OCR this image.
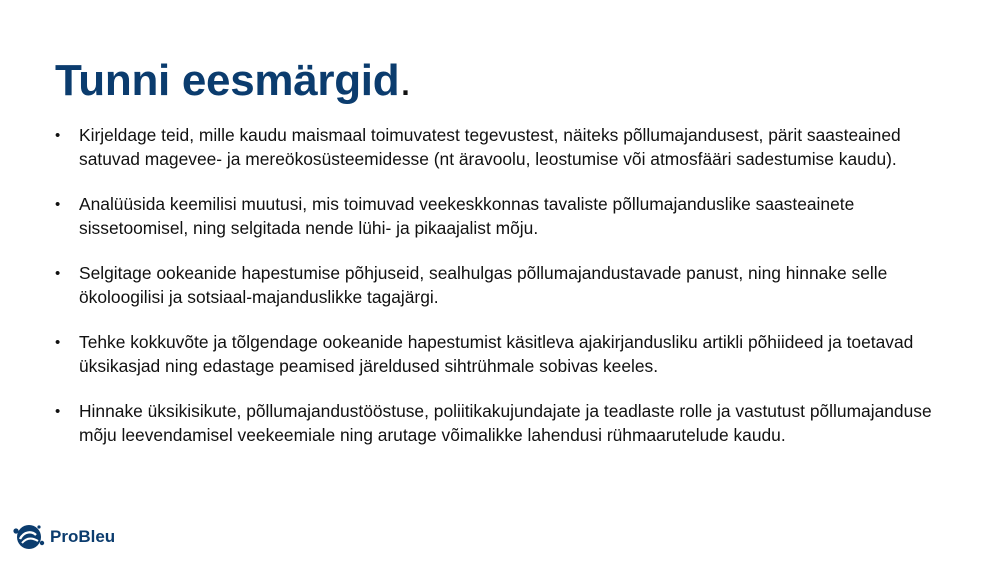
Tunni eesmärgid.
• Kirjeldage teid, mille kaudu maismaal toimuvatest tegevustest, näiteks põllumajandusest, pärit saasteained satuvad magevee- ja mereökosüsteemidesse (nt äravoolu, leostumise või atmosfääri sadestumise kaudu).
• Analüüsida keemilisi muutusi, mis toimuvad veekeskkonnas tavaliste põllumajanduslike saasteainete sissetoomisel, ning selgitada nende lühi- ja pikaajalist mõju.
• Selgitage ookeanide hapestumise põhjuseid, sealhulgas põllumajandustavade panust, ning hinnake selle ökoloogilisi ja sotsiaal-majanduslikke tagajärgi.
• Tehke kokkuvõte ja tõlgendage ookeanide hapestumist käsitleva ajakirjandusliku artikli põhiideed ja toetavad üksikasjad ning edastage peamised järeldused sihtrühmale sobivas keeles.
• Hinnake üksikisikute, põllumajandustööstuse, poliitikakujundajate ja teadlaste rolle ja vastutust põllumajanduse mõju leevendamisel veekeemiale ning arutage võimalikke lahendusi rühmaarutelude kaudu.
ProBleu
